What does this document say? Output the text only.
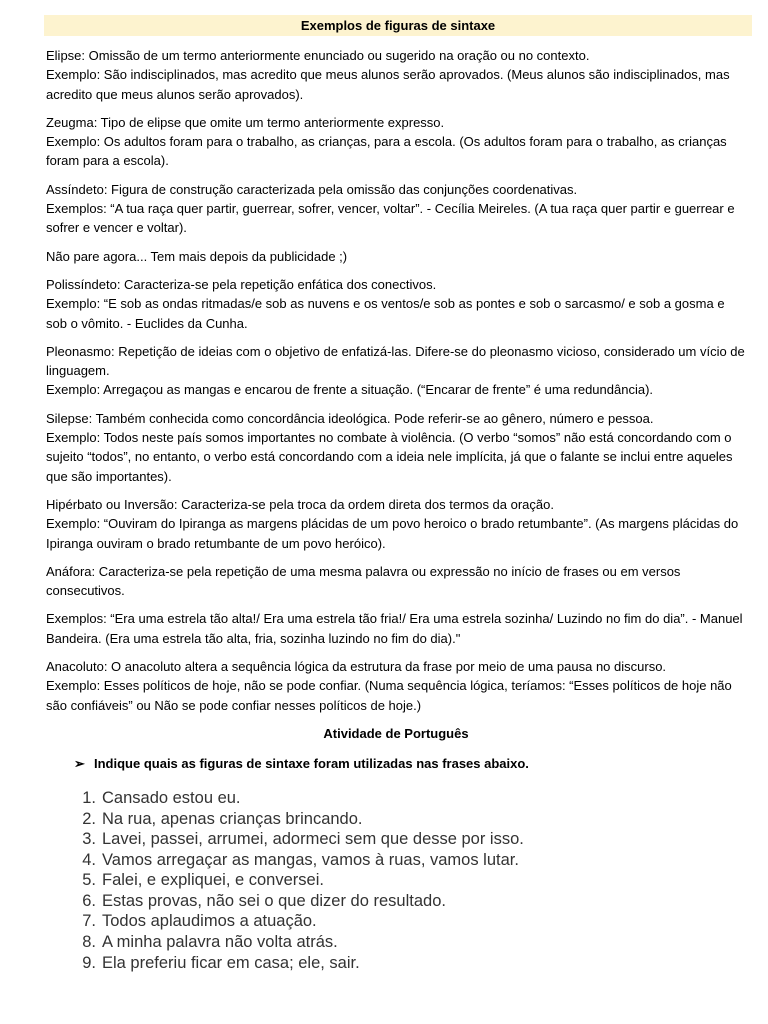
Exemplos de figuras de sintaxe
Elipse: Omissão de um termo anteriormente enunciado ou sugerido na oração ou no contexto.
Exemplo: São indisciplinados, mas acredito que meus alunos serão aprovados. (Meus alunos são indisciplinados, mas acredito que meus alunos serão aprovados).
Zeugma: Tipo de elipse que omite um termo anteriormente expresso.
Exemplo: Os adultos foram para o trabalho, as crianças, para a escola. (Os adultos foram para o trabalho, as crianças foram para a escola).
Assíndeto: Figura de construção caracterizada pela omissão das conjunções coordenativas.
Exemplos: “A tua raça quer partir, guerrear, sofrer, vencer, voltar”. - Cecília Meireles. (A tua raça quer partir e guerrear e sofrer e vencer e voltar).
Não pare agora... Tem mais depois da publicidade ;)
Polissíndeto: Caracteriza-se pela repetição enfática dos conectivos.
Exemplo: “E sob as ondas ritmadas/e sob as nuvens e os ventos/e sob as pontes e sob o sarcasmo/ e sob a gosma e sob o vômito. - Euclides da Cunha.
Pleonasmo: Repetição de ideias com o objetivo de enfatizá-las. Difere-se do pleonasmo vicioso, considerado um vício de linguagem.
Exemplo: Arregaçou as mangas e encarou de frente a situação. (“Encarar de frente” é uma redundância).
Silepse: Também conhecida como concordância ideológica. Pode referir-se ao gênero, número e pessoa.
Exemplo: Todos neste país somos importantes no combate à violência. (O verbo “somos” não está concordando com o sujeito “todos”, no entanto, o verbo está concordando com a ideia nele implícita, já que o falante se inclui entre aqueles que são importantes).
Hipérbato ou Inversão: Caracteriza-se pela troca da ordem direta dos termos da oração.
Exemplo: “Ouviram do Ipiranga as margens plácidas de um povo heroico o brado retumbante”. (As margens plácidas do Ipiranga ouviram o brado retumbante de um povo heróico).
Anáfora: Caracteriza-se pela repetição de uma mesma palavra ou expressão no início de frases ou em versos consecutivos.
Exemplos: “Era uma estrela tão alta!/ Era uma estrela tão fria!/ Era uma estrela sozinha/ Luzindo no fim do dia”. - Manuel Bandeira. (Era uma estrela tão alta, fria, sozinha luzindo no fim do dia)."
Anacoluto: O anacoluto altera a sequência lógica da estrutura da frase por meio de uma pausa no discurso.
Exemplo: Esses políticos de hoje, não se pode confiar. (Numa sequência lógica, teríamos: “Esses políticos de hoje não são confiáveis” ou Não se pode confiar nesses políticos de hoje.)
Atividade de Português
➢ Indique quais as figuras de sintaxe foram utilizadas nas frases abaixo.
1. Cansado estou eu.
2. Na rua, apenas crianças brincando.
3. Lavei, passei, arrumei, adormeci sem que desse por isso.
4. Vamos arregaçar as mangas, vamos à ruas, vamos lutar.
5. Falei, e expliquei, e conversei.
6. Estas provas, não sei o que dizer do resultado.
7. Todos aplaudimos a atuação.
8. A minha palavra não volta atrás.
9. Ela preferiu ficar em casa; ele, sair.
